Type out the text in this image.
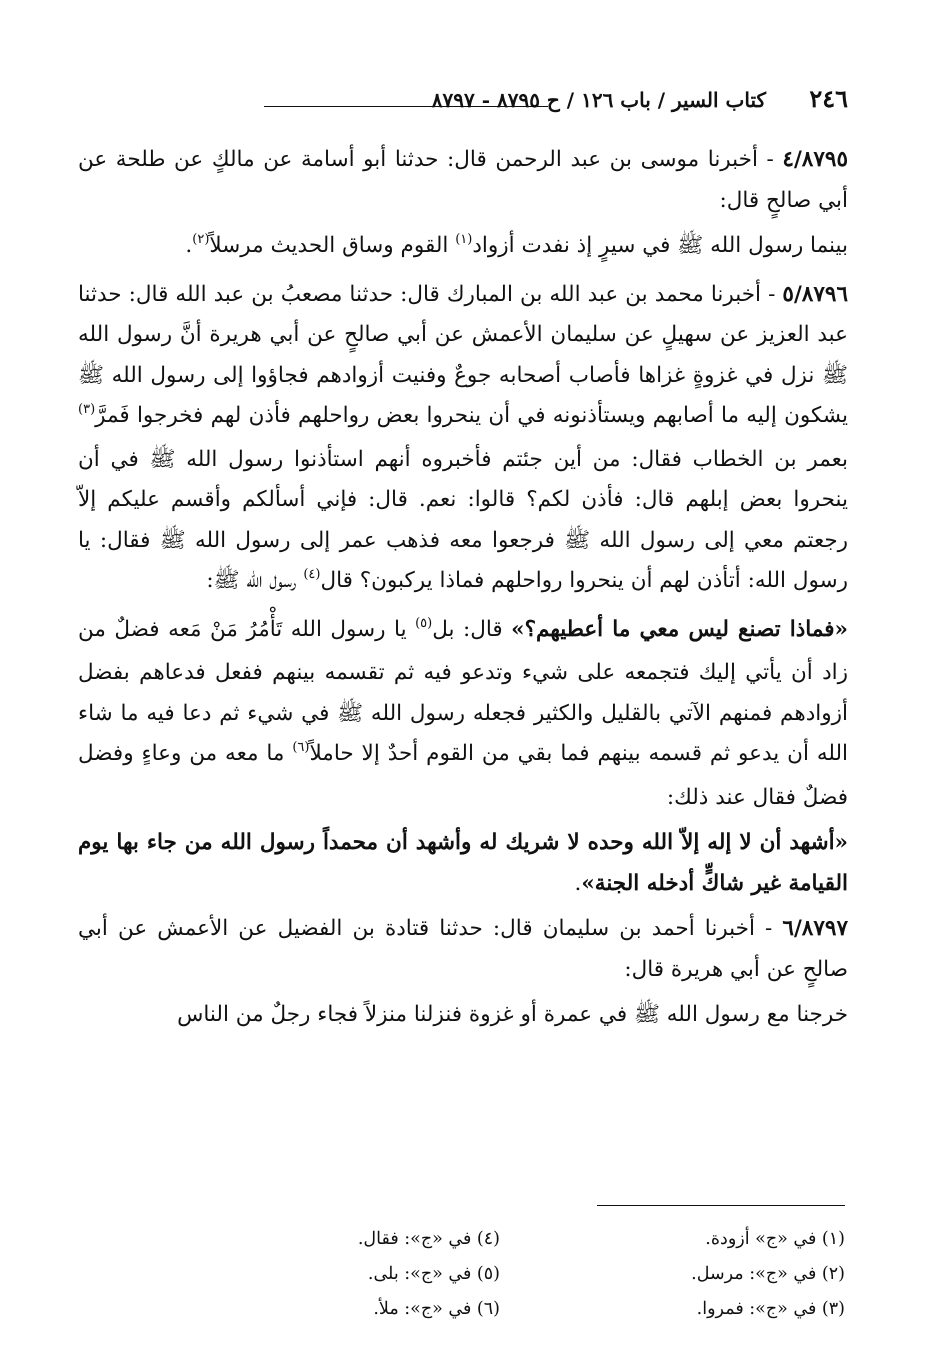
٢٤٦
كتاب السير / باب ١٢٦ / ح ٨٧٩٥ - ٨٧٩٧

٤/٨٧٩٥ - أخبرنا موسى بن عبد الرحمن قال: حدثنا أبو أسامة عن مالكٍ عن طلحة عن أبي صالحٍ قال:

بينما رسول الله ﷺ في سيرٍ إذ نفدت أزواد$^{(١)}$ القوم وساق الحديث مرسلاً$^{(٢)}$.

٥/٨٧٩٦ - أخبرنا محمد بن عبد الله بن المبارك قال: حدثنا مصعبُ بن عبد الله قال: حدثنا عبد العزيز عن سهيلٍ عن سليمان الأعمش عن أبي صالحٍ عن أبي هريرة أنَّ رسول الله ﷺ نزل في غزوةٍ غزاها فأصاب أصحابه جوعٌ وفنيت أزوادهم فجاؤوا إلى رسول الله ﷺ يشكون إليه ما أصابهم ويستأذنونه في أن ينحروا بعض رواحلهم فأذن لهم فخرجوا فَمرَّ$^{(٣)}$ بعمر بن الخطاب فقال: من أين جئتم فأخبروه أنهم استأذنوا رسول الله ﷺ في أن ينحروا بعض إبلهم قال: فأذن لكم؟ قالوا: نعم. قال: فإني أسألكم وأقسم عليكم إلاّ رجعتم معي إلى رسول الله ﷺ فرجعوا معه فذهب عمر إلى رسول الله ﷺ فقال: يا رسول الله: أتأذن لهم أن ينحروا رواحلهم فماذا يركبون؟ قال$^{(٤)}$ رسول الله ﷺ:

«فماذا تصنع ليس معي ما أعطيهم؟» قال: بل$^{(٥)}$ يا رسول الله تَأْمُرُ مَنْ مَعه فضلٌ من زاد أن يأتي إليك فتجمعه على شيء وتدعو فيه ثم تقسمه بينهم ففعل فدعاهم بفضل أزوادهم فمنهم الآتي بالقليل والكثير فجعله رسول الله ﷺ في شيء ثم دعا فيه ما شاء الله أن يدعو ثم قسمه بينهم فما بقي من القوم أحدٌ إلا حاملاً$^{(٦)}$ ما معه من وعاءٍ وفضل فضلٌ فقال عند ذلك:

«أشهد أن لا إله إلاّ الله وحده لا شريك له وأشهد أن محمداً رسول الله من جاء بها يوم القيامة غير شاكٍّ أدخله الجنة».

٦/٨٧٩٧ - أخبرنا أحمد بن سليمان قال: حدثنا قتادة بن الفضيل عن الأعمش عن أبي صالحٍ عن أبي هريرة قال:

خرجنا مع رسول الله ﷺ في عمرة أو غزوة فنزلنا منزلاً فجاء رجلٌ من الناس

(١) في «ج» أزودة.
(٢) في «ج»: مرسل.
(٣) في «ج»: فمروا.
(٤) في «ج»: فقال.
(٥) في «ج»: بلى.
(٦) في «ج»: ملأ.
